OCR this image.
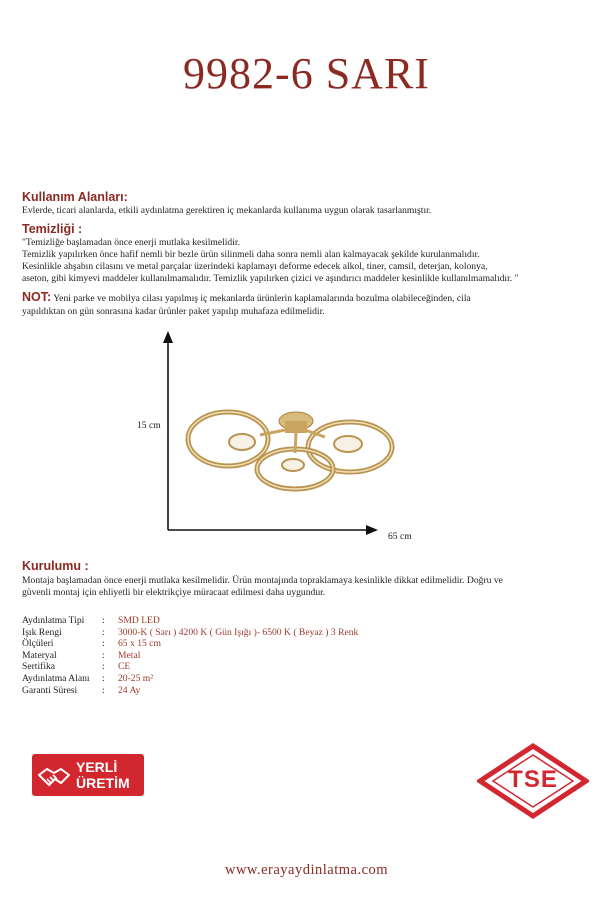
9982-6 SARI
Kullanım Alanları:
Evlerde, ticari alanlarda, etkili aydınlatma gerektiren iç mekanlarda kullanıma uygun olarak tasarlanmıştır.
Temizliği :
"Temizliğe başlamadan önce enerji mutlaka kesilmelidir.
Temizlik yapılırken önce hafif nemli bir bezle ürün silinmeli daha sonra nemli alan kalmayacak şekilde kurulanmalıdır.
Kesinlikle ahşabın cilasını ve metal parçalar üzerindeki kaplamayı deforme edecek alkol, tiner, camsil, deterjan, kolonya,
aseton, gibi kimyevi maddeler kullanılmamalıdır. Temizlik yapılırken çizici ve aşındırıcı maddeler kesinlikle kullanılmamalıdır. "
NOT: Yeni parke ve mobilya cilası yapılmış iç mekanlarda ürünlerin kaplamalarında bozulma olabileceğinden, cila
yapıldıktan on gün sonrasına kadar ürünler paket yapılıp muhafaza edilmelidir.
15 cm
65 cm
Kurulumu :
Montaja başlamadan önce enerji mutlaka kesilmelidir. Ürün montajında topraklamaya kesinlikle dikkat edilmelidir. Doğru ve
güvenli montaj için ehliyetli bir elektrikçiye müracaat edilmesi daha uygundur.
Aydınlatma Tipi	:	SMD LED
Işık Rengi	:	3000-K ( Sarı ) 4200 K ( Gün Işığı )- 6500 K ( Beyaz ) 3 Renk
Ölçüleri	:	65 x 15 cm
Materyal	:	Metal
Sertifika	:	CE
Aydınlatma Alanı	:	20-25 m²
Garanti Süresi	:	24 Ay
YERLİ
ÜRETİM	TSE
www.erayaydinlatma.com
